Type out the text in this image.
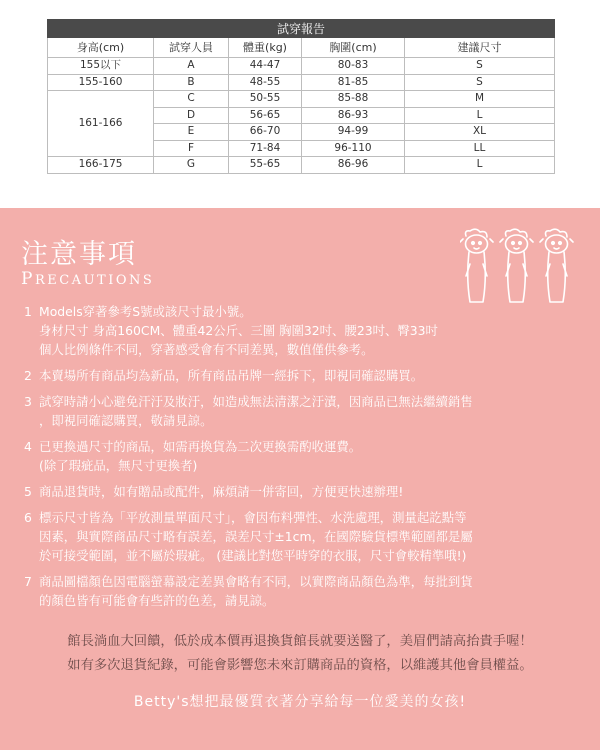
試穿報告				
身高(cm)	試穿人員	體重(kg)	胸圍(cm)	建議尺寸
155以下	A	44-47	80-83	S
155-160	B	48-55	81-85	S
161-166	C	50-55	85-88	M
	D	56-65	86-93	L
	E	66-70	94-99	XL
	F	71-84	96-110	LL
166-175	G	55-65	86-96	L
注意事項
PRECAUTIONS
1 Models穿著參考S號或該尺寸最小號。
身材尺寸 身高160CM、體重42公斤、三圍 胸圍32吋、腰23吋、臀33吋
個人比例條件不同，穿著感受會有不同差異，數值僅供參考。
2 本賣場所有商品均為新品，所有商品吊牌一經拆下，即視同確認購買。
3 試穿時請小心避免汗汙及妝汙，如造成無法清潔之汙漬，因商品已無法繼續銷售
，即視同確認購買，敬請見諒。
4 已更換過尺寸的商品，如需再換貨為二次更換需酌收運費。
(除了瑕疵品，無尺寸更換者)
5 商品退貨時，如有贈品或配件，麻煩請一併寄回，方便更快速辦理!
6 標示尺寸皆為「平放測量單面尺寸」，會因布料彈性、水洗處理，測量起訖點等
因素，與實際商品尺寸略有誤差，誤差尺寸±1cm，在國際驗貨標準範圍都是屬
於可接受範圍，並不屬於瑕疵。 (建議比對您平時穿的衣服，尺寸會較精準哦!)
7 商品圖檔顏色因電腦螢幕設定差異會略有不同，以實際商品顏色為準，每批到貨
的顏色皆有可能會有些許的色差，請見諒。
館長淌血大回饋，低於成本價再退換貨館長就要送醫了，美眉們請高抬貴手喔！
如有多次退貨紀錄，可能會影響您未來訂購商品的資格，以維護其他會員權益。
Betty's想把最優質衣著分享給每一位愛美的女孩!
